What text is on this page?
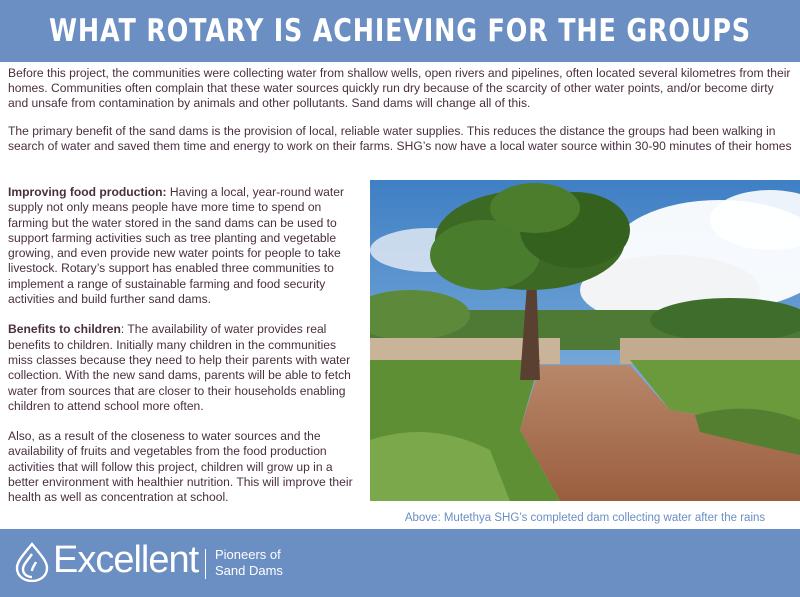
WHAT ROTARY IS ACHIEVING FOR THE GROUPS

Before this project, the communities were collecting water from shallow wells, open rivers and pipelines, often located several kilometres from their homes. Communities often complain that these water sources quickly run dry because of the scarcity of other water points, and/or become dirty and unsafe from contamination by animals and other pollutants. Sand dams will change all of this.

The primary benefit of the sand dams is the provision of local, reliable water supplies. This reduces the distance the groups had been walking in search of water and saved them time and energy to work on their farms. SHG’s now have a local water source within 30-90 minutes of their homes

Improving food production: Having a local, year-round water supply not only means people have more time to spend on farming but the water stored in the sand dams can be used to support farming activities such as tree planting and vegetable growing, and even provide new water points for people to take livestock. Rotary’s support has enabled three communities to implement a range of sustainable farming and food security activities and build further sand dams.

Benefits to children: The availability of water provides real benefits to children. Initially many children in the communities miss classes because they need to help their parents with water collection. With the new sand dams, parents will be able to fetch water from sources that are closer to their households enabling children to attend school more often.

Also, as a result of the closeness to water sources and the availability of fruits and vegetables from the food production activities that will follow this project, children will grow up in a better environment with healthier nutrition. This will improve their health as well as concentration at school.

Above: Mutethya SHG’s completed dam collecting water after the rains
Excellent Pioneers of
Sand Dams
